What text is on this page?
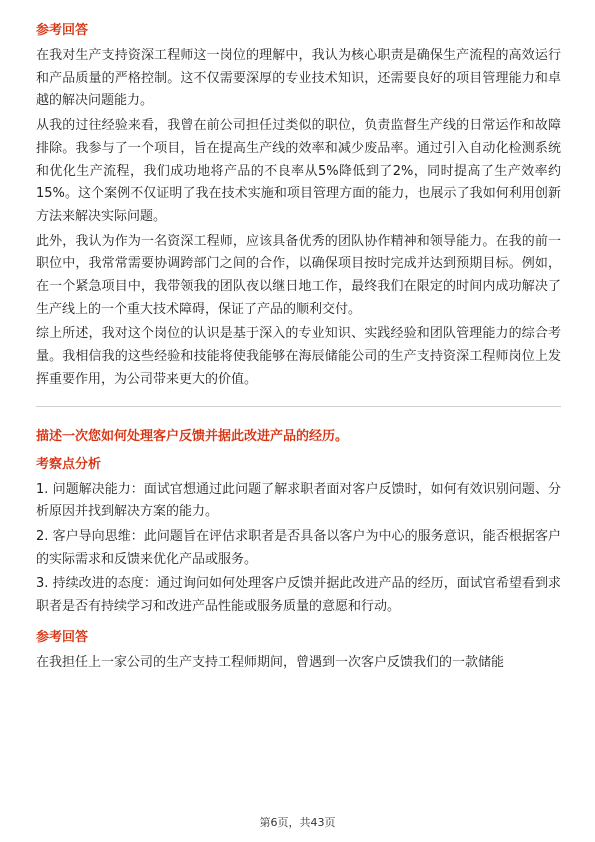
参考回答

在我对生产支持资深工程师这一岗位的理解中，我认为核心职责是确保生产流程的高效运行和产品质量的严格控制。这不仅需要深厚的专业技术知识，还需要良好的项目管理能力和卓越的解决问题能力。

从我的过往经验来看，我曾在前公司担任过类似的职位，负责监督生产线的日常运作和故障排除。我参与了一个项目，旨在提高生产线的效率和减少废品率。通过引入自动化检测系统和优化生产流程，我们成功地将产品的不良率从5%降低到了2%，同时提高了生产效率约15%。这个案例不仅证明了我在技术实施和项目管理方面的能力，也展示了我如何利用创新方法来解决实际问题。

此外，我认为作为一名资深工程师，应该具备优秀的团队协作精神和领导能力。在我的前一职位中，我常常需要协调跨部门之间的合作，以确保项目按时完成并达到预期目标。例如，在一个紧急项目中，我带领我的团队夜以继日地工作，最终我们在限定的时间内成功解决了生产线上的一个重大技术障碍，保证了产品的顺利交付。

综上所述，我对这个岗位的认识是基于深入的专业知识、实践经验和团队管理能力的综合考量。我相信我的这些经验和技能将使我能够在海辰储能公司的生产支持资深工程师岗位上发挥重要作用，为公司带来更大的价值。

描述一次您如何处理客户反馈并据此改进产品的经历。
考察点分析

1. 问题解决能力：面试官想通过此问题了解求职者面对客户反馈时，如何有效识别问题、分析原因并找到解决方案的能力。

2. 客户导向思维：此问题旨在评估求职者是否具备以客户为中心的服务意识，能否根据客户的实际需求和反馈来优化产品或服务。

3. 持续改进的态度：通过询问如何处理客户反馈并据此改进产品的经历，面试官希望看到求职者是否有持续学习和改进产品性能或服务质量的意愿和行动。

参考回答

在我担任上一家公司的生产支持工程师期间，曾遇到一次客户反馈我们的一款储能

第6页，共43页
